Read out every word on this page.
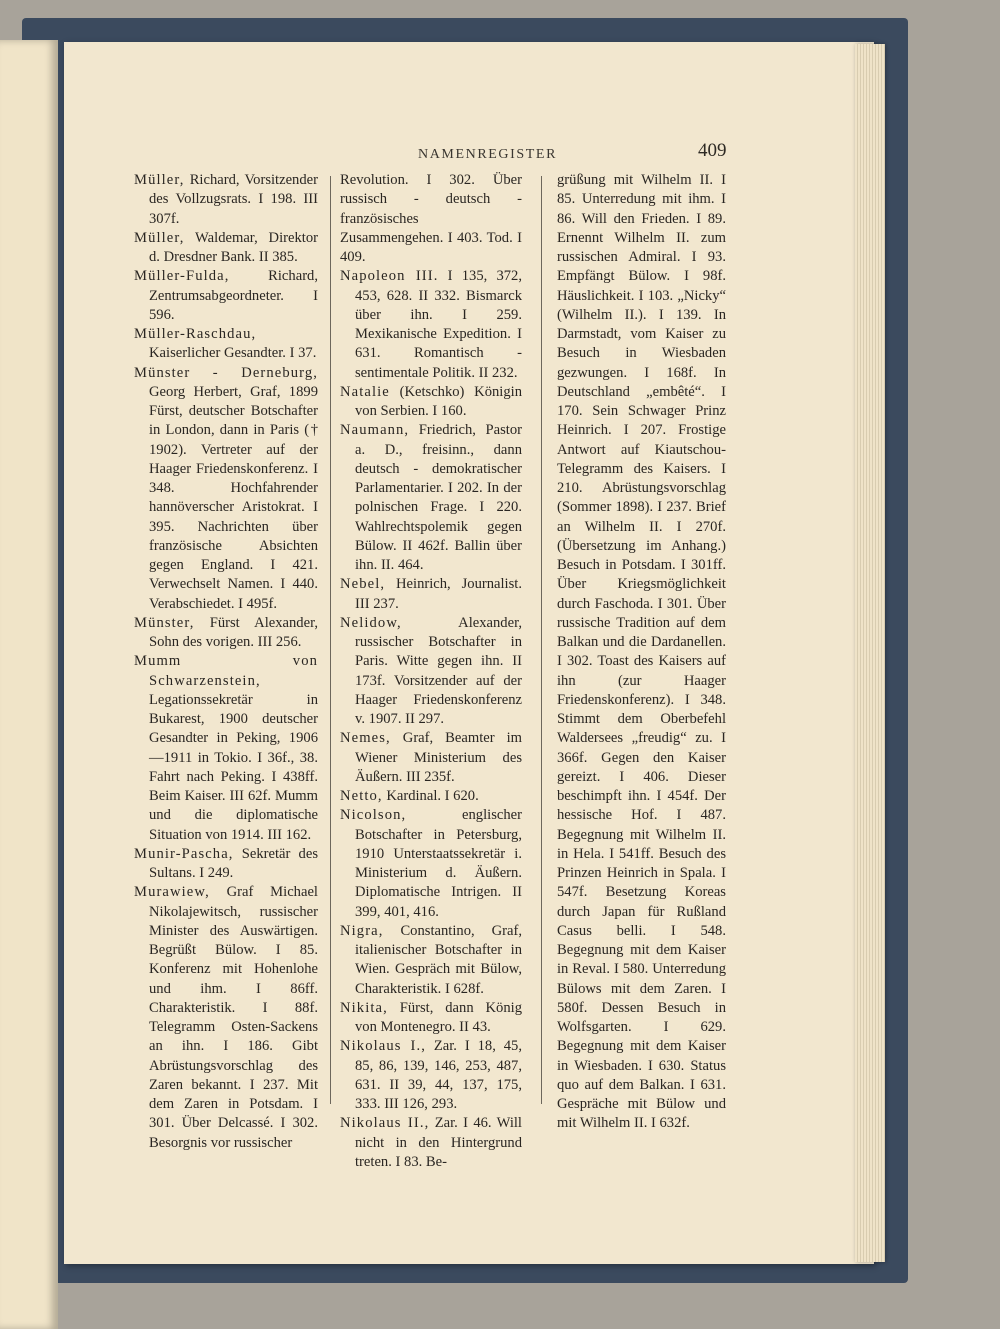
NAMENREGISTER	409

Müller, Richard, Vorsitzender des Vollzugsrats. I 198. III 307f.

Müller, Waldemar, Direktor d. Dresdner Bank. II 385.

Müller-Fulda, Richard, Zentrumsabgeordneter. I 596.

Müller-Raschdau, Kaiserlicher Gesandter. I 37.

Münster - Derneburg, Georg Herbert, Graf, 1899 Fürst, deutscher Botschafter in London, dann in Paris († 1902). Vertreter auf der Haager Friedenskonferenz. I 348. Hochfahrender hannöverscher Aristokrat. I 395. Nachrichten über französische Absichten gegen England. I 421. Verwechselt Namen. I 440. Verabschiedet. I 495f.

Münster, Fürst Alexander, Sohn des vorigen. III 256.

Mumm von Schwarzenstein, Legationssekretär in Bukarest, 1900 deutscher Gesandter in Peking, 1906—1911 in Tokio. I 36f., 38. Fahrt nach Peking. I 438ff. Beim Kaiser. III 62f. Mumm und die diplomatische Situation von 1914. III 162.

Munir-Pascha, Sekretär des Sultans. I 249.

Murawiew, Graf Michael Nikolajewitsch, russischer Minister des Auswärtigen. Begrüßt Bülow. I 85. Konferenz mit Hohenlohe und ihm. I 86ff. Charakteristik. I 88f. Telegramm Osten-Sackens an ihn. I 186. Gibt Abrüstungsvorschlag des Zaren bekannt. I 237. Mit dem Zaren in Potsdam. I 301. Über Delcassé. I 302. Besorgnis vor russischer

Revolution. I 302. Über russisch - deutsch - französisches Zusammengehen. I 403. Tod. I 409.

Napoleon III. I 135, 372, 453, 628. II 332. Bismarck über ihn. I 259. Mexikanische Expedition. I 631. Romantisch - sentimentale Politik. II 232.

Natalie (Ketschko) Königin von Serbien. I 160.

Naumann, Friedrich, Pastor a. D., freisinn., dann deutsch - demokratischer Parlamentarier. I 202. In der polnischen Frage. I 220. Wahlrechtspolemik gegen Bülow. II 462f. Ballin über ihn. II. 464.

Nebel, Heinrich, Journalist. III 237.

Nelidow, Alexander, russischer Botschafter in Paris. Witte gegen ihn. II 173f. Vorsitzender auf der Haager Friedenskonferenz v. 1907. II 297.

Nemes, Graf, Beamter im Wiener Ministerium des Äußern. III 235f.

Netto, Kardinal. I 620.

Nicolson, englischer Botschafter in Petersburg, 1910 Unterstaatssekretär i. Ministerium d. Äußern. Diplomatische Intrigen. II 399, 401, 416.

Nigra, Constantino, Graf, italienischer Botschafter in Wien. Gespräch mit Bülow, Charakteristik. I 628f.

Nikita, Fürst, dann König von Montenegro. II 43.

Nikolaus I., Zar. I 18, 45, 85, 86, 139, 146, 253, 487, 631. II 39, 44, 137, 175, 333. III 126, 293.

Nikolaus II., Zar. I 46. Will nicht in den Hintergrund treten. I 83. Be-

grüßung mit Wilhelm II. I 85. Unterredung mit ihm. I 86. Will den Frieden. I 89. Ernennt Wilhelm II. zum russischen Admiral. I 93. Empfängt Bülow. I 98f. Häuslichkeit. I 103. „Nicky“ (Wilhelm II.). I 139. In Darmstadt, vom Kaiser zu Besuch in Wiesbaden gezwungen. I 168f. In Deutschland „embêté“. I 170. Sein Schwager Prinz Heinrich. I 207. Frostige Antwort auf Kiautschou-Telegramm des Kaisers. I 210. Abrüstungsvorschlag (Sommer 1898). I 237. Brief an Wilhelm II. I 270f. (Übersetzung im Anhang.) Besuch in Potsdam. I 301ff. Über Kriegsmöglichkeit durch Faschoda. I 301. Über russische Tradition auf dem Balkan und die Dardanellen. I 302. Toast des Kaisers auf ihn (zur Haager Friedenskonferenz). I 348. Stimmt dem Oberbefehl Waldersees „freudig“ zu. I 366f. Gegen den Kaiser gereizt. I 406. Dieser beschimpft ihn. I 454f. Der hessische Hof. I 487. Begegnung mit Wilhelm II. in Hela. I 541ff. Besuch des Prinzen Heinrich in Spala. I 547f. Besetzung Koreas durch Japan für Rußland Casus belli. I 548. Begegnung mit dem Kaiser in Reval. I 580. Unterredung Bülows mit dem Zaren. I 580f. Dessen Besuch in Wolfsgarten. I 629. Begegnung mit dem Kaiser in Wiesbaden. I 630. Status quo auf dem Balkan. I 631. Gespräche mit Bülow und mit Wilhelm II. I 632f.
